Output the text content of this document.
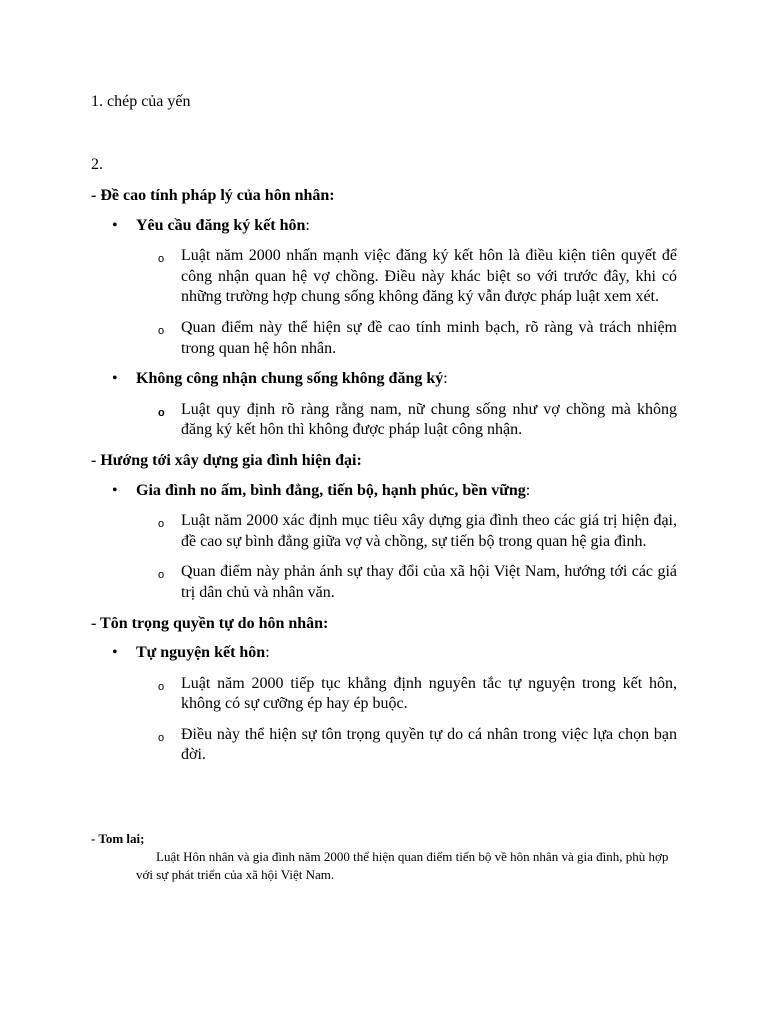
1. chép của yến
2.
- Đề cao tính pháp lý của hôn nhân:
• Yêu cầu đăng ký kết hôn:
o Luật năm 2000 nhấn mạnh việc đăng ký kết hôn là điều kiện tiên quyết để công nhận quan hệ vợ chồng. Điều này khác biệt so với trước đây, khi có những trường hợp chung sống không đăng ký vẫn được pháp luật xem xét.
o Quan điểm này thể hiện sự đề cao tính minh bạch, rõ ràng và trách nhiệm trong quan hệ hôn nhân.
• Không công nhận chung sống không đăng ký:
o Luật quy định rõ ràng rằng nam, nữ chung sống như vợ chồng mà không đăng ký kết hôn thì không được pháp luật công nhận.
- Hướng tới xây dựng gia đình hiện đại:
• Gia đình no ấm, bình đẳng, tiến bộ, hạnh phúc, bền vững:
o Luật năm 2000 xác định mục tiêu xây dựng gia đình theo các giá trị hiện đại, đề cao sự bình đẳng giữa vợ và chồng, sự tiến bộ trong quan hệ gia đình.
o Quan điểm này phản ánh sự thay đổi của xã hội Việt Nam, hướng tới các giá trị dân chủ và nhân văn.
- Tôn trọng quyền tự do hôn nhân:
• Tự nguyện kết hôn:
o Luật năm 2000 tiếp tục khẳng định nguyên tắc tự nguyện trong kết hôn, không có sự cưỡng ép hay ép buộc.
o Điều này thể hiện sự tôn trọng quyền tự do cá nhân trong việc lựa chọn bạn đời.
- Tom lai;
Luật Hôn nhân và gia đình năm 2000 thể hiện quan điểm tiến bộ về hôn nhân và gia đình, phù hợp với sự phát triển của xã hội Việt Nam.
